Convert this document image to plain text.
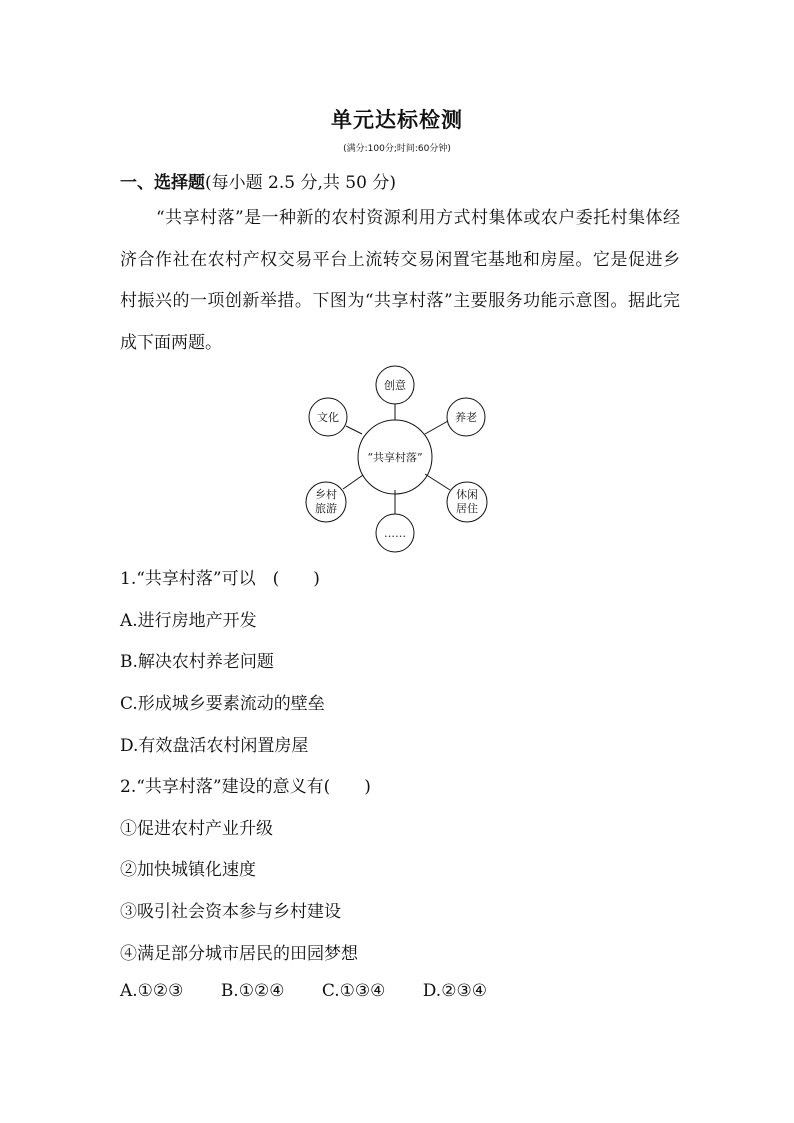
单元达标检测
(满分:100分;时间:60分钟)
一、选择题(每小题 2.5 分,共 50 分)
“共享村落”是一种新的农村资源利用方式村集体或农户委托村集体经济合作社在农村产权交易平台上流转交易闲置宅基地和房屋。它是促进乡村振兴的一项创新举措。下图为“共享村落”主要服务功能示意图。据此完成下面两题。
“共享村落”
创意
养老
休闲
居住
……
乡村
旅游
文化
1.“共享村落”可以　(　　)
A.进行房地产开发
B.解决农村养老问题
C.形成城乡要素流动的壁垒
D.有效盘活农村闲置房屋
2.“共享村落”建设的意义有(　　)
①促进农村产业升级
②加快城镇化速度
③吸引社会资本参与乡村建设
④满足部分城市居民的田园梦想
A.①②③ B.①②④ C.①③④ D.②③④
